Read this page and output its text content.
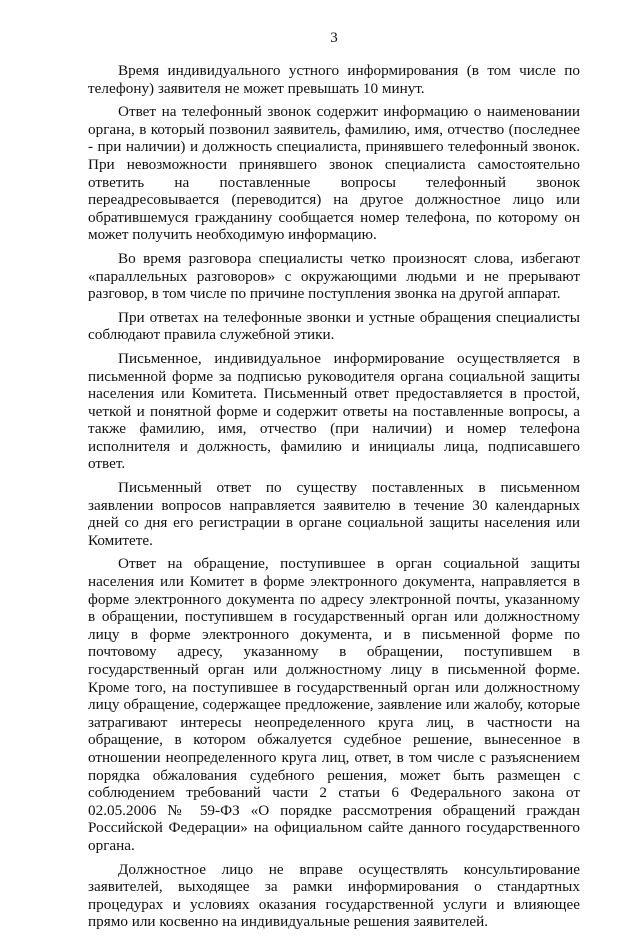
3

Время индивидуального устного информирования (в том числе по телефону) заявителя не может превышать 10 минут.

Ответ на телефонный звонок содержит информацию о наименовании органа, в который позвонил заявитель, фамилию, имя, отчество (последнее - при наличии) и должность специалиста, принявшего телефонный звонок. При невозможности принявшего звонок специалиста самостоятельно ответить на поставленные вопросы телефонный звонок переадресовывается (переводится) на другое должностное лицо или обратившемуся гражданину сообщается номер телефона, по которому он может получить необходимую информацию.

Во время разговора специалисты четко произносят слова, избегают «параллельных разговоров» с окружающими людьми и не прерывают разговор, в том числе по причине поступления звонка на другой аппарат.

При ответах на телефонные звонки и устные обращения специалисты соблюдают правила служебной этики.

Письменное, индивидуальное информирование осуществляется в письменной форме за подписью руководителя органа социальной защиты населения или Комитета. Письменный ответ предоставляется в простой, четкой и понятной форме и содержит ответы на поставленные вопросы, а также фамилию, имя, отчество (при наличии) и номер телефона исполнителя и должность, фамилию и инициалы лица, подписавшего ответ.

Письменный ответ по существу поставленных в письменном заявлении вопросов направляется заявителю в течение 30 календарных дней со дня его регистрации в органе социальной защиты населения или Комитете.

Ответ на обращение, поступившее в орган социальной защиты населения или Комитет в форме электронного документа, направляется в форме электронного документа по адресу электронной почты, указанному в обращении, поступившем в государственный орган или должностному лицу в форме электронного документа, и в письменной форме по почтовому адресу, указанному в обращении, поступившем в государственный орган или должностному лицу в письменной форме. Кроме того, на поступившее в государственный орган или должностному лицу обращение, содержащее предложение, заявление или жалобу, которые затрагивают интересы неопределенного круга лиц, в частности на обращение, в котором обжалуется судебное решение, вынесенное в отношении неопределенного круга лиц, ответ, в том числе с разъяснением порядка обжалования судебного решения, может быть размещен с соблюдением требований части 2 статьи 6 Федерального закона от 02.05.2006 № 59-ФЗ «О порядке рассмотрения обращений граждан Российской Федерации» на официальном сайте данного государственного органа.

Должностное лицо не вправе осуществлять консультирование заявителей, выходящее за рамки информирования о стандартных процедурах и условиях оказания государственной услуги и влияющее прямо или косвенно на индивидуальные решения заявителей.
